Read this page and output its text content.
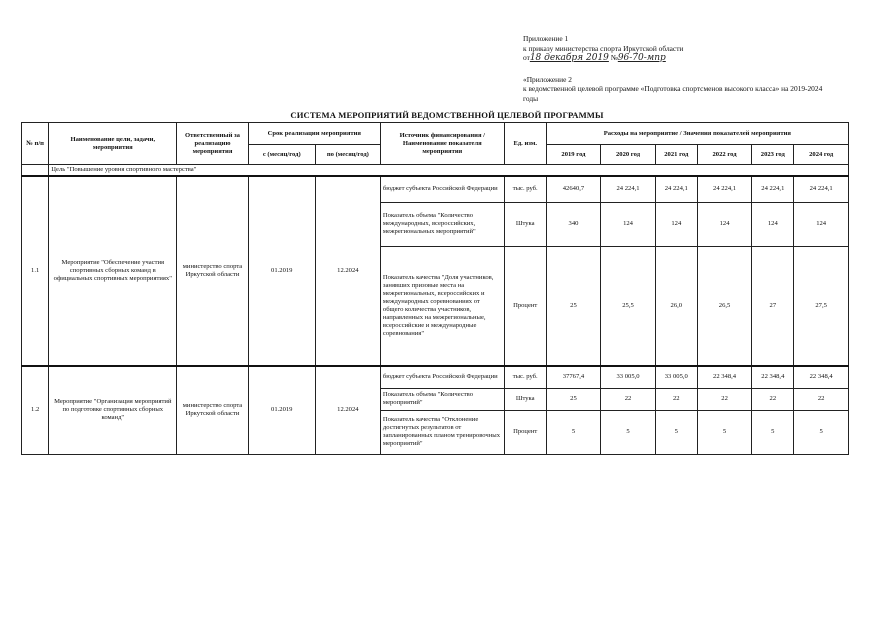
Приложение 1
к приказу министерства спорта Иркутской области
от18 декабря 2019 №96-70-мпр
«Приложение 2
к ведомственной целевой программе «Подготовка спортсменов высокого класса» на 2019-2024
годы
СИСТЕМА МЕРОПРИЯТИЙ ВЕДОМСТВЕННОЙ ЦЕЛЕВОЙ ПРОГРАММЫ
№ п/п	Наименование цели, задачи, мероприятия	Ответственный за реализацию мероприятия	Срок реализации мероприятия		Источник финансирования / Наименование показателя мероприятия	Ед. изм.	Расходы на мероприятие / Значения показателей мероприятия					
			с (месяц/год)	по (месяц/год)			2019 год	2020 год	2021 год	2022 год	2023 год	2024 год
	Цель "Повышение уровня спортивного мастерства"											
1.1	Мероприятие "Обеспечение участия спортивных сборных команд в официальных спортивных мероприятиях"	министерство спорта Иркутской области	01.2019	12.2024	бюджет субъекта Российской Федерации	тыс. руб.	42640,7	24 224,1	24 224,1	24 224,1	24 224,1	24 224,1
					Показатель объема "Количество международных, всероссийских, межрегиональных мероприятий"	Штука	340	124	124	124	124	124
					Показатель качества "Доля участников, занявших призовые места на межрегиональных, всероссийских и международных соревнованиях от общего количества участников, направленных на межрегиональные, всероссийские и международные соревнования"	Процент	25	25,5	26,0	26,5	27	27,5
1.2	Мероприятие "Организация мероприятий по подготовке спортивных сборных команд"	министерство спорта Иркутской области	01.2019	12.2024	бюджет субъекта Российской Федерации	тыс. руб.	37767,4	33 005,0	33 005,0	22 348,4	22 348,4	22 348,4
					Показатель объема "Количество мероприятий"	Штука	25	22	22	22	22	22
					Показатель качества "Отклонение достигнутых результатов от запланированных планом тренировочных мероприятий"	Процент	5	5	5	5	5	5
